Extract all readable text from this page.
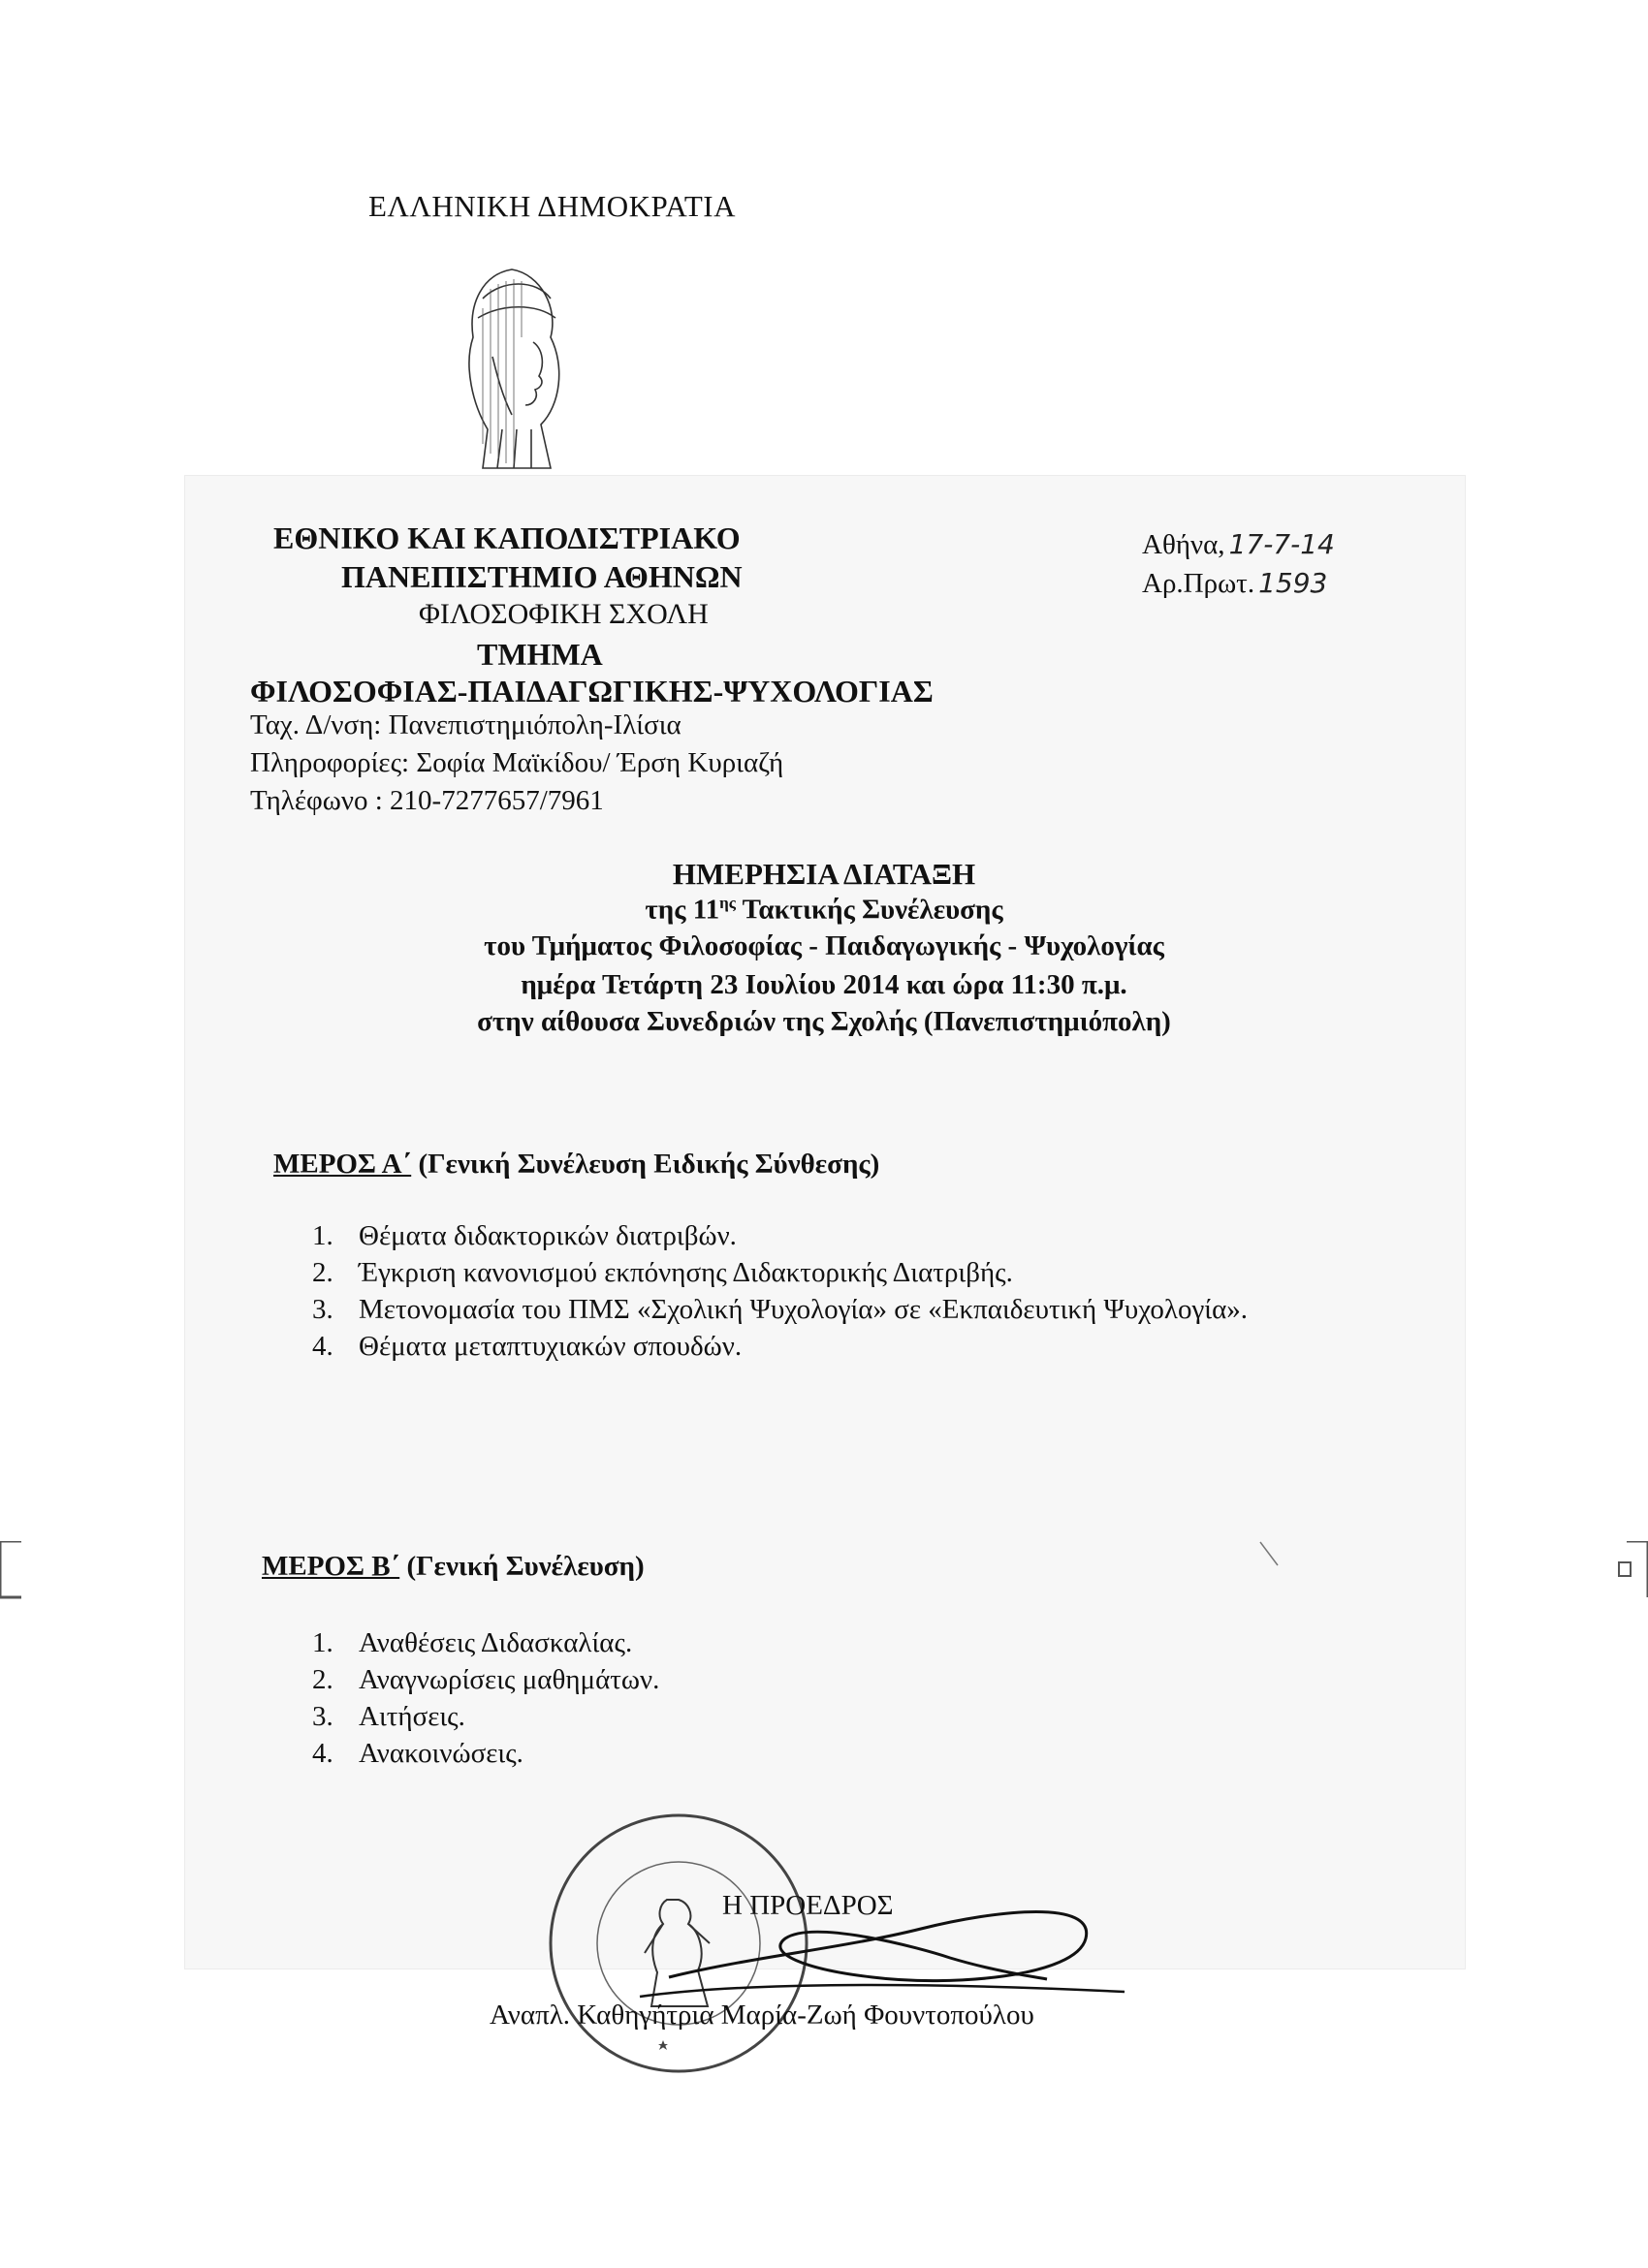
ΕΛΛΗΝΙΚΗ ΔΗΜΟΚΡΑΤΙΑ
ΕΘΝΙΚΟ ΚΑΙ ΚΑΠΟΔΙΣΤΡΙΑΚΟ
ΠΑΝΕΠΙΣΤΗΜΙΟ ΑΘΗΝΩΝ
ΦΙΛΟΣΟΦΙΚΗ ΣΧΟΛΗ
ΤΜΗΜΑ
ΦΙΛΟΣΟΦΙΑΣ-ΠΑΙΔΑΓΩΓΙΚΗΣ-ΨΥΧΟΛΟΓΙΑΣ
Ταχ. Δ/νση: Πανεπιστημιόπολη-Ιλίσια
Πληροφορίες: Σοφία Μαϊκίδου/ Έρση Κυριαζή
Τηλέφωνο : 210-7277657/7961
Αθήνα, 17-7-14
Αρ.Πρωτ. 1593
ΗΜΕΡΗΣΙΑ ΔΙΑΤΑΞΗ
της $11^{\eta\varsigma}$ Τακτικής Συνέλευσης
του Τμήματος Φιλοσοφίας - Παιδαγωγικής - Ψυχολογίας
ημέρα Τετάρτη 23 Ιουλίου 2014 και ώρα 11:30 π.μ.
στην αίθουσα Συνεδριών της Σχολής (Πανεπιστημιόπολη)
ΜΕΡΟΣ Α΄ (Γενική Συνέλευση Ειδικής Σύνθεσης)
1. Θέματα διδακτορικών διατριβών.
2. Έγκριση κανονισμού εκπόνησης Διδακτορικής Διατριβής.
3. Μετονομασία του ΠΜΣ «Σχολική Ψυχολογία» σε «Εκπαιδευτική Ψυχολογία».
4. Θέματα μεταπτυχιακών σπουδών.
ΜΕΡΟΣ Β΄ (Γενική Συνέλευση)
1. Αναθέσεις Διδασκαλίας.
2. Αναγνωρίσεις μαθημάτων.
3. Αιτήσεις.
4. Ανακοινώσεις.
Η ΠΡΟΕΔΡΟΣ
Αναπλ. Καθηγήτρια Μαρία-Ζωή Φουντοπούλου
